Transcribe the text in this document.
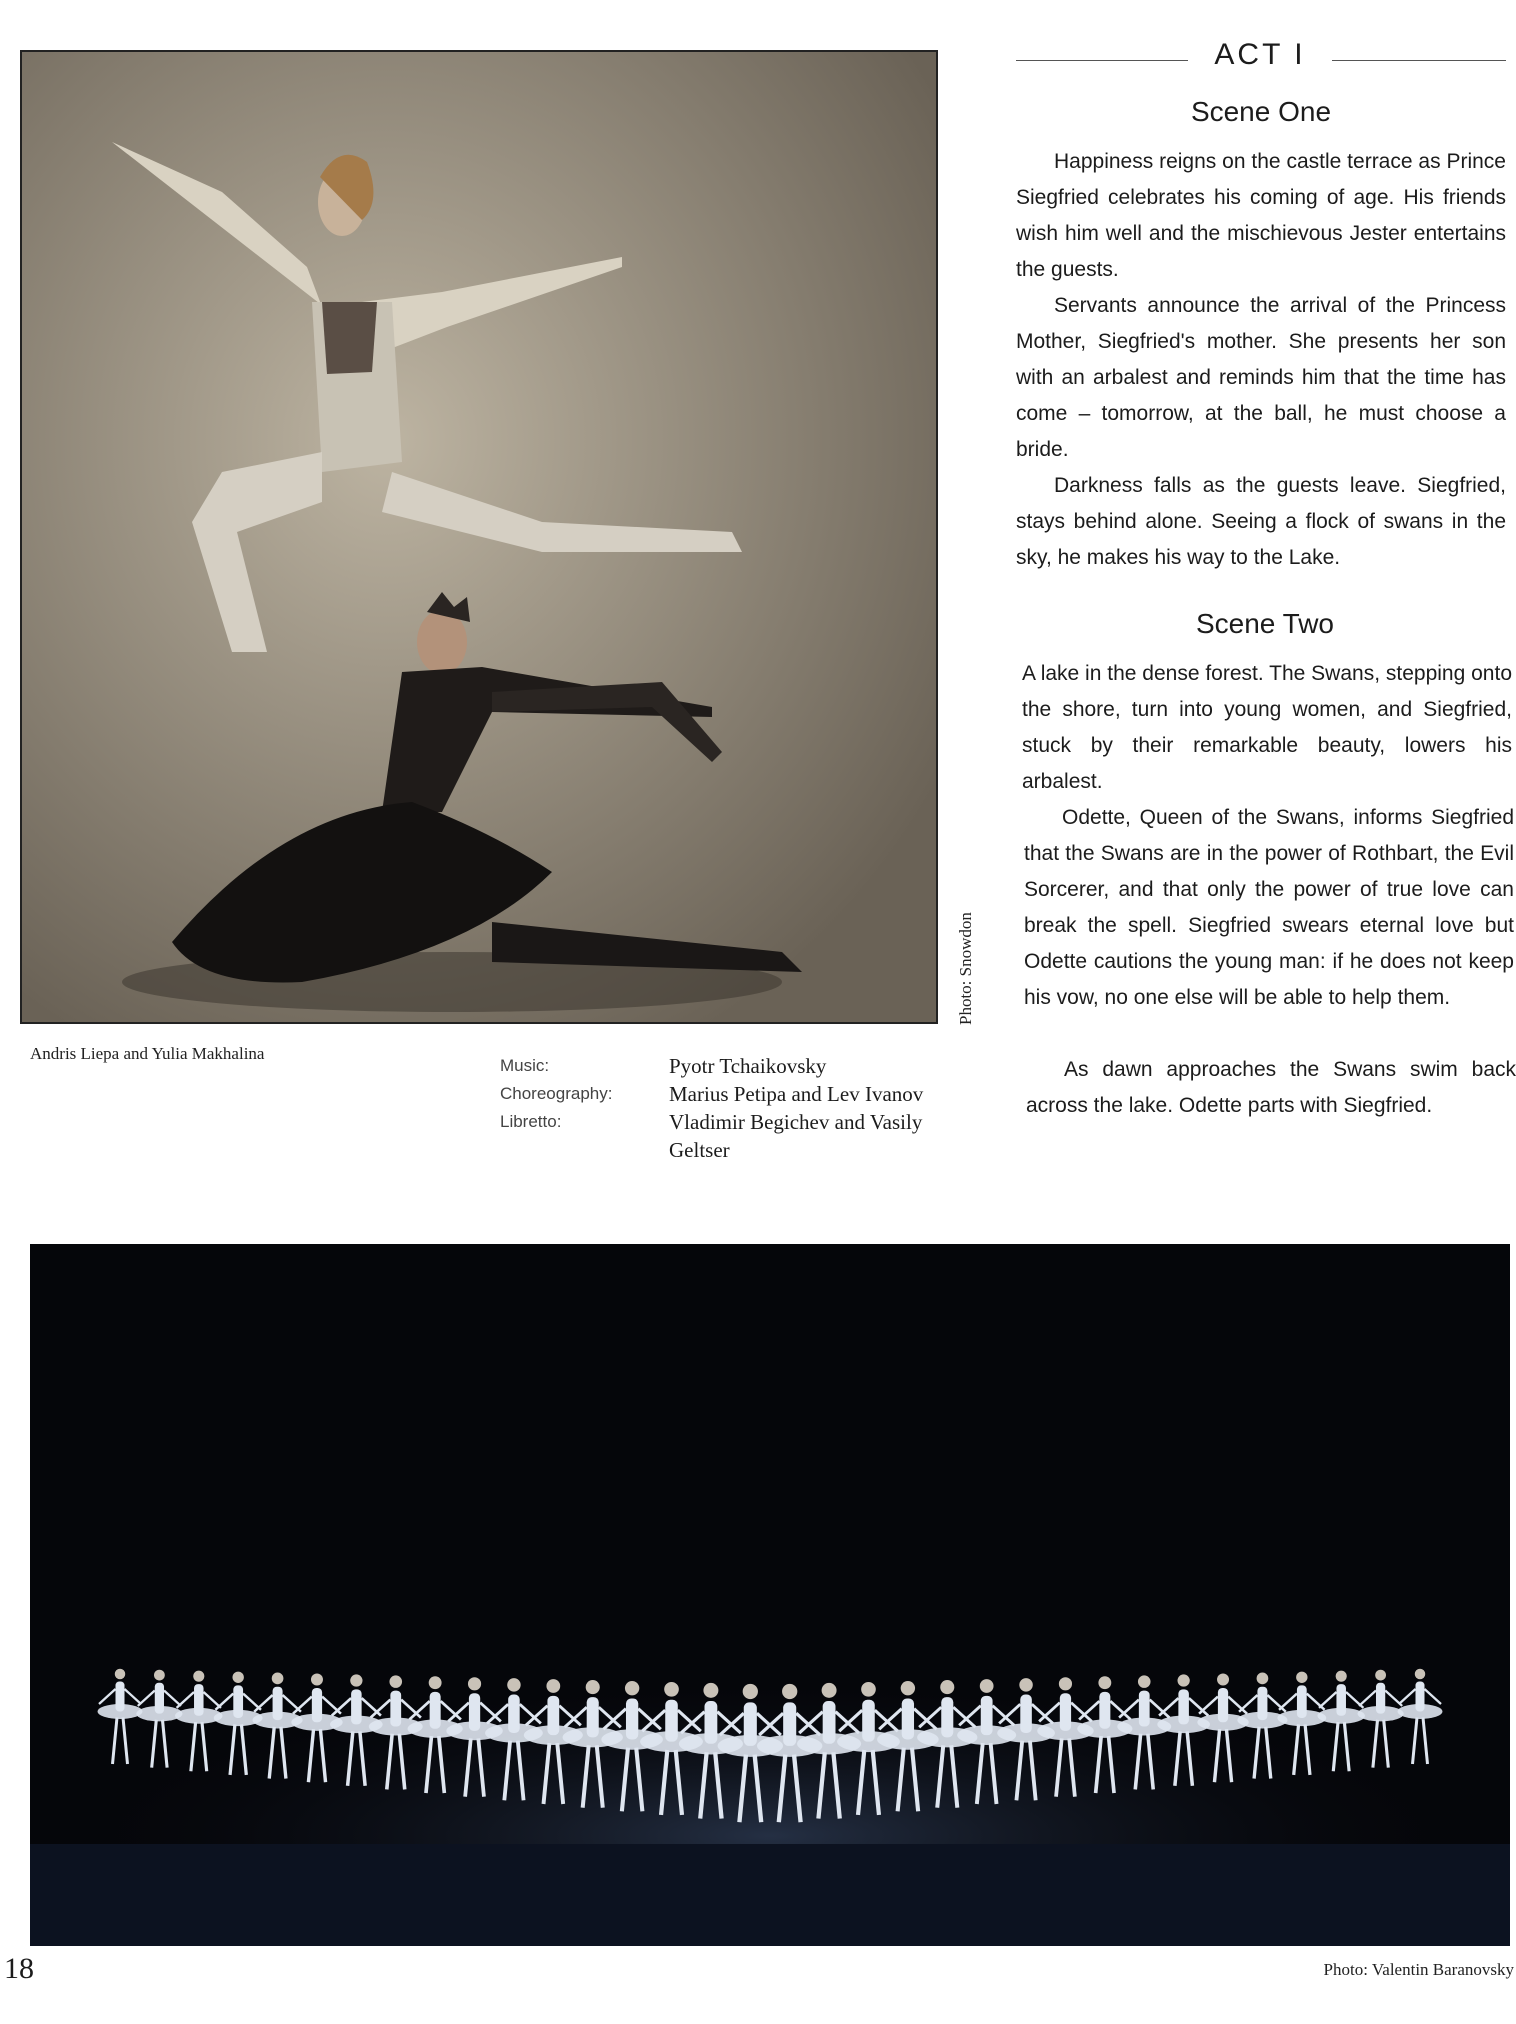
Photo: Snowdon
Andris Liepa and Yulia Makhalina
Music:	Pyotr Tchaikovsky
Choreography:	Marius Petipa and Lev Ivanov
Libretto:	Vladimir Begichev and Vasily Geltser
ACT I
Scene One

Happiness reigns on the castle terrace as Prince Siegfried celebrates his coming of age. His friends wish him well and the mischievous Jester entertains the guests.

Servants announce the arrival of the Princess Mother, Siegfried's mother. She presents her son with an arbalest and reminds him that the time has come – tomorrow, at the ball, he must choose a bride.

Darkness falls as the guests leave. Siegfried, stays behind alone. Seeing a flock of swans in the sky, he makes his way to the Lake.

Scene Two

A lake in the dense forest. The Swans, stepping onto the shore, turn into young women, and Siegfried, stuck by their remarkable beauty, lowers his arbalest.

Odette, Queen of the Swans, informs Siegfried that the Swans are in the power of Rothbart, the Evil Sorcerer, and that only the power of true love can break the spell. Siegfried swears eternal love but Odette cautions the young man: if he does not keep his vow, no one else will be able to help them.

As dawn approaches the Swans swim back across the lake. Odette parts with Siegfried.

18	Photo: Valentin Baranovsky
